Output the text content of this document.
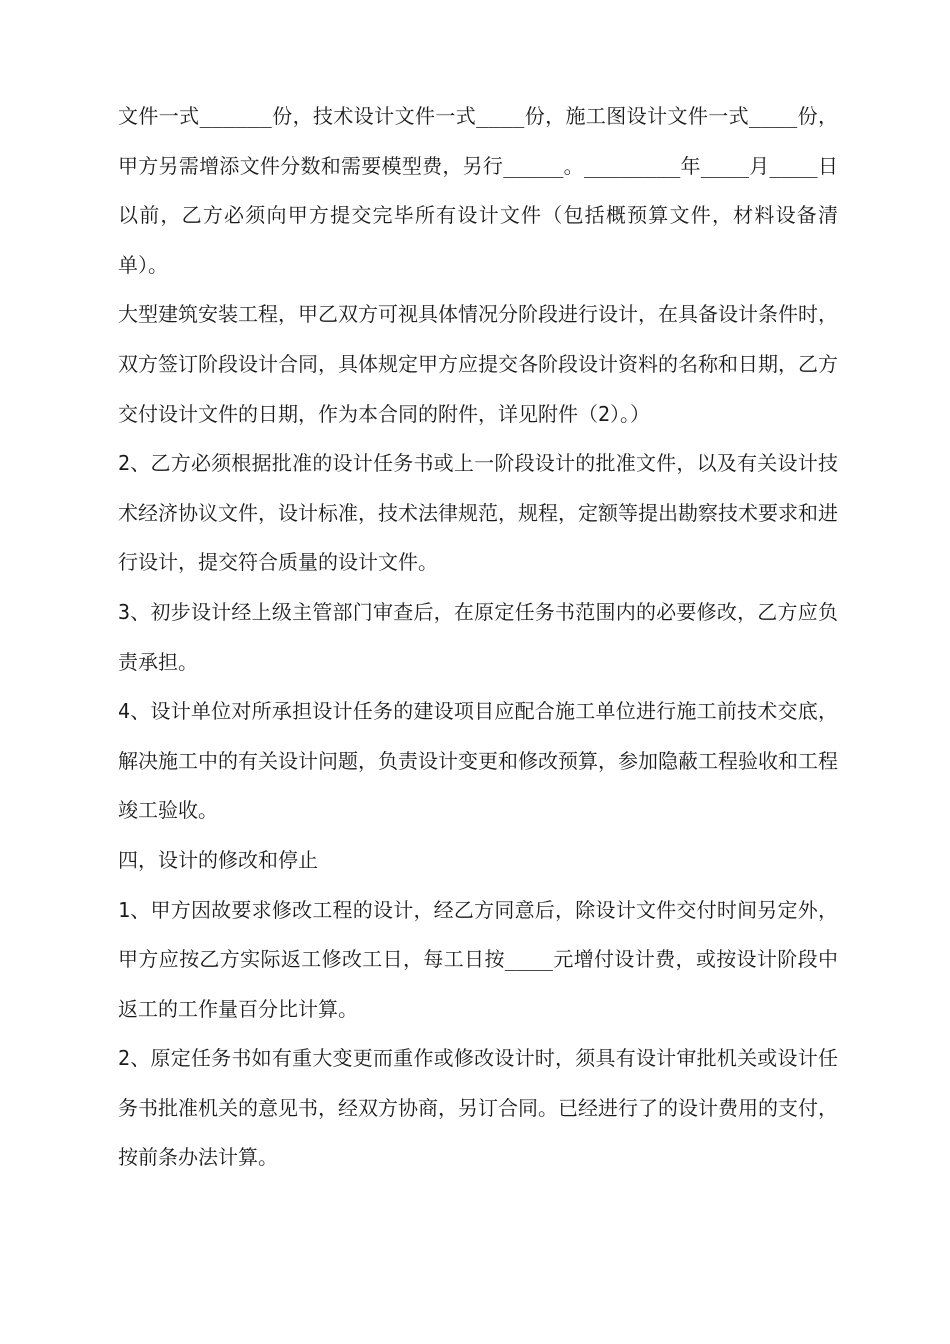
文件一式______份，技术设计文件一式____份，施工图设计文件一式____份，甲方另需增添文件分数和需要模型费，另行_____。________年____月____日以前，乙方必须向甲方提交完毕所有设计文件（包括概预算文件，材料设备清单）。

大型建筑安装工程，甲乙双方可视具体情况分阶段进行设计，在具备设计条件时，双方签订阶段设计合同，具体规定甲方应提交各阶段设计资料的名称和日期，乙方交付设计文件的日期，作为本合同的附件，详见附件（2）。）

2、乙方必须根据批准的设计任务书或上一阶段设计的批准文件，以及有关设计技术经济协议文件，设计标准，技术法律规范，规程，定额等提出勘察技术要求和进行设计，提交符合质量的设计文件。

3、初步设计经上级主管部门审查后，在原定任务书范围内的必要修改，乙方应负责承担。

4、设计单位对所承担设计任务的建设项目应配合施工单位进行施工前技术交底，解决施工中的有关设计问题，负责设计变更和修改预算，参加隐蔽工程验收和工程竣工验收。

四，设计的修改和停止

1、甲方因故要求修改工程的设计，经乙方同意后，除设计文件交付时间另定外，甲方应按乙方实际返工修改工日，每工日按____元增付设计费，或按设计阶段中返工的工作量百分比计算。

2、原定任务书如有重大变更而重作或修改设计时，须具有设计审批机关或设计任务书批准机关的意见书，经双方协商，另订合同。已经进行了的设计费用的支付，按前条办法计算。
